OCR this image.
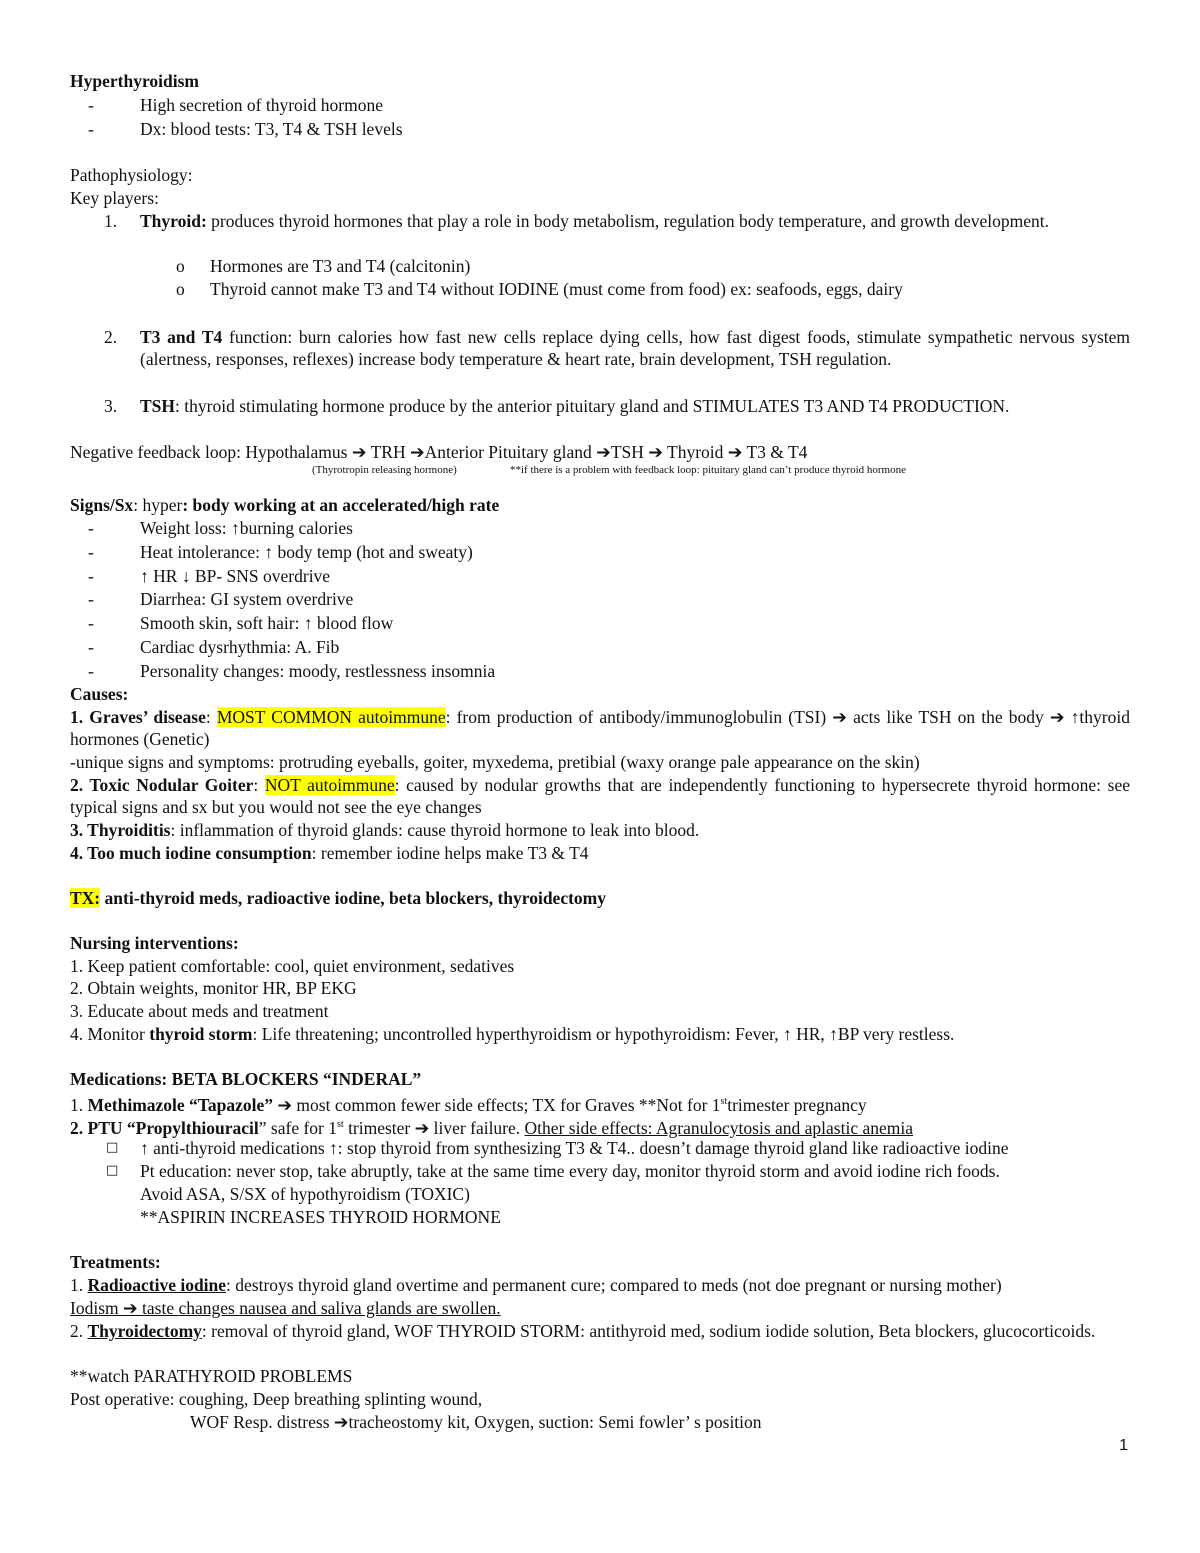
Hyperthyroidism
-	High secretion of thyroid hormone
-	Dx: blood tests: T3, T4 & TSH levels
Pathophysiology:
Key players:
1. Thyroid: produces thyroid hormones that play a role in body metabolism, regulation body temperature, and growth development.
o Hormones are T3 and T4 (calcitonin)
o Thyroid cannot make T3 and T4 without IODINE (must come from food) ex: seafoods, eggs, dairy
2. T3 and T4 function: burn calories how fast new cells replace dying cells, how fast digest foods, stimulate sympathetic nervous system (alertness, responses, reflexes) increase body temperature & heart rate, brain development, TSH regulation.
3. TSH: thyroid stimulating hormone produce by the anterior pituitary gland and STIMULATES T3 AND T4 PRODUCTION.
Negative feedback loop: Hypothalamus ➔ TRH ➔Anterior Pituitary gland ➔TSH ➔ Thyroid ➔ T3 & T4
(Thyrotropin releasing hormone)	**if there is a problem with feedback loop: pituitary gland can’t produce thyroid hormone
Signs/Sx: hyper: body working at an accelerated/high rate
-	Weight loss: ↑burning calories
-	Heat intolerance: ↑ body temp (hot and sweaty)
-	↑ HR ↓ BP- SNS overdrive
-	Diarrhea: GI system overdrive
-	Smooth skin, soft hair: ↑ blood flow
-	Cardiac dysrhythmia: A. Fib
-	Personality changes: moody, restlessness insomnia
Causes:
1. Graves’ disease: MOST COMMON autoimmune: from production of antibody/immunoglobulin (TSI) ➔ acts like TSH on the body ➔ ↑thyroid hormones (Genetic)
-unique signs and symptoms: protruding eyeballs, goiter, myxedema, pretibial (waxy orange pale appearance on the skin)
2. Toxic Nodular Goiter: NOT autoimmune: caused by nodular growths that are independently functioning to hypersecrete thyroid hormone: see typical signs and sx but you would not see the eye changes
3. Thyroiditis: inflammation of thyroid glands: cause thyroid hormone to leak into blood.
4. Too much iodine consumption: remember iodine helps make T3 & T4
TX: anti-thyroid meds, radioactive iodine, beta blockers, thyroidectomy
Nursing interventions:
1. Keep patient comfortable: cool, quiet environment, sedatives
2. Obtain weights, monitor HR, BP EKG
3. Educate about meds and treatment
4. Monitor thyroid storm: Life threatening; uncontrolled hyperthyroidism or hypothyroidism: Fever, ↑ HR, ↑BP very restless.
Medications: BETA BLOCKERS “INDERAL”
1. Methimazole “Tapazole” ➔ most common fewer side effects; TX for Graves **Not for 1sttrimester pregnancy
2. PTU “Propylthiouracil” safe for 1st trimester ➔ liver failure. Other side effects: Agranulocytosis and aplastic anemia
□ ↑ anti-thyroid medications ↑: stop thyroid from synthesizing T3 & T4.. doesn’t damage thyroid gland like radioactive iodine
□ Pt education: never stop, take abruptly, take at the same time every day, monitor thyroid storm and avoid iodine rich foods.
Avoid ASA, S/SX of hypothyroidism (TOXIC)
**ASPIRIN INCREASES THYROID HORMONE
Treatments:
1. Radioactive iodine: destroys thyroid gland overtime and permanent cure; compared to meds (not doe pregnant or nursing mother)
Iodism ➔ taste changes nausea and saliva glands are swollen.
2. Thyroidectomy: removal of thyroid gland, WOF THYROID STORM: antithyroid med, sodium iodide solution, Beta blockers, glucocorticoids.
**watch PARATHYROID PROBLEMS
Post operative: coughing, Deep breathing splinting wound,
WOF Resp. distress ➔tracheostomy kit, Oxygen, suction: Semi fowler’ s position
1
